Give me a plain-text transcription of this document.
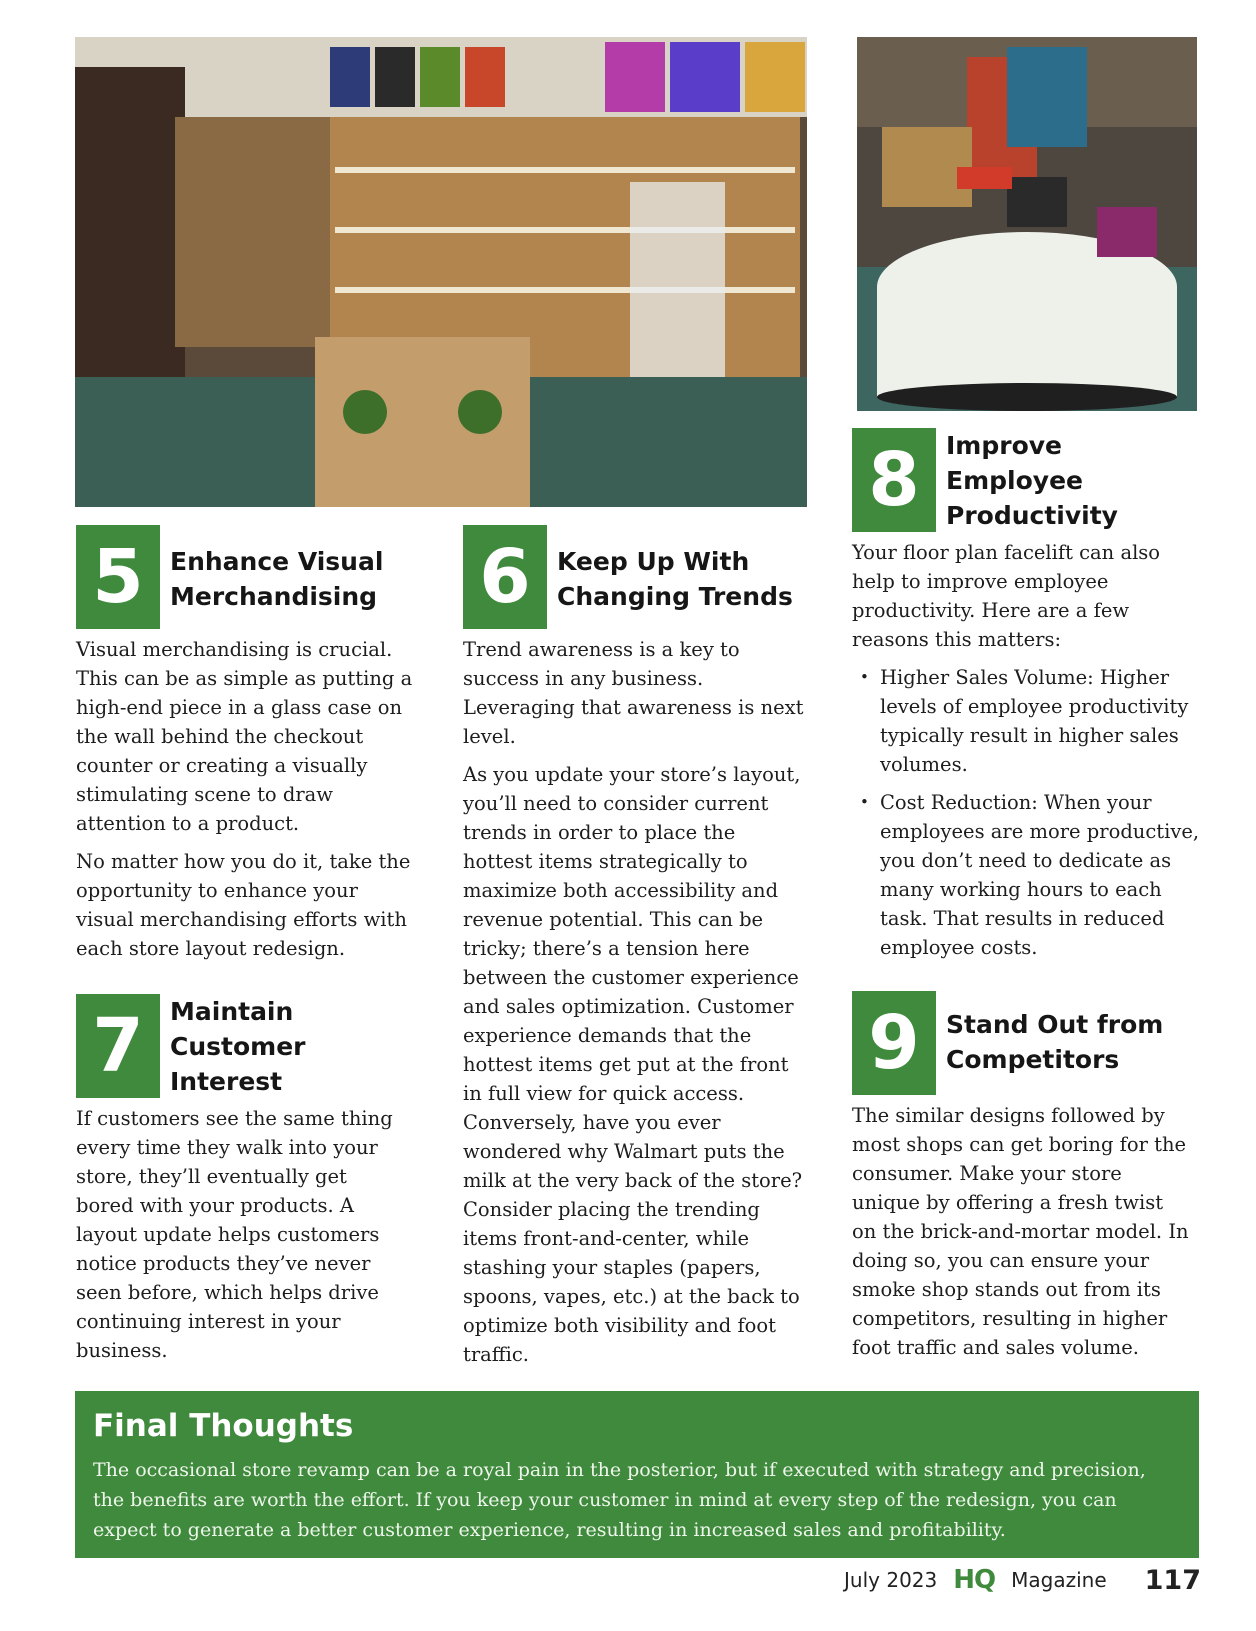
5	Enhance Visual
Merchandising

Visual merchandising is crucial. This can be as simple as putting a high-end piece in a glass case on the wall behind the checkout counter or creating a visually stimulating scene to draw attention to a product.

No matter how you do it, take the opportunity to enhance your visual merchandising efforts with each store layout redesign.

7	Maintain
Customer
Interest

If customers see the same thing every time they walk into your store, they’ll eventually get bored with your products. A layout update helps customers notice products they’ve never seen before, which helps drive continuing interest in your business.

6	Keep Up With
Changing Trends

Trend awareness is a key to success in any business. Leveraging that awareness is next level.

As you update your store’s layout, you’ll need to consider current trends in order to place the hottest items strategically to maximize both accessibility and revenue potential. This can be tricky; there’s a tension here between the customer experience and sales optimization. Customer experience demands that the hottest items get put at the front in full view for quick access. Conversely, have you ever wondered why Walmart puts the milk at the very back of the store? Consider placing the trending items front-and-center, while stashing your staples (papers, spoons, vapes, etc.) at the back to optimize both visibility and foot traffic.

8	Improve
Employee
Productivity

Your floor plan facelift can also help to improve employee productivity. Here are a few reasons this matters:

• Higher Sales Volume: Higher levels of employee productivity typically result in higher sales volumes.
• Cost Reduction: When your employees are more productive, you don’t need to dedicate as many working hours to each task. That results in reduced employee costs.
9	Stand Out from
Competitors

The similar designs followed by most shops can get boring for the consumer. Make your store unique by offering a fresh twist on the brick-and-mortar model. In doing so, you can ensure your smoke shop stands out from its competitors, resulting in higher foot traffic and sales volume.

Final Thoughts

The occasional store revamp can be a royal pain in the posterior, but if executed with strategy and precision, the benefits are worth the effort. If you keep your customer in mind at every step of the redesign, you can expect to generate a better customer experience, resulting in increased sales and profitability.

July 2023 HQ Magazine 117
